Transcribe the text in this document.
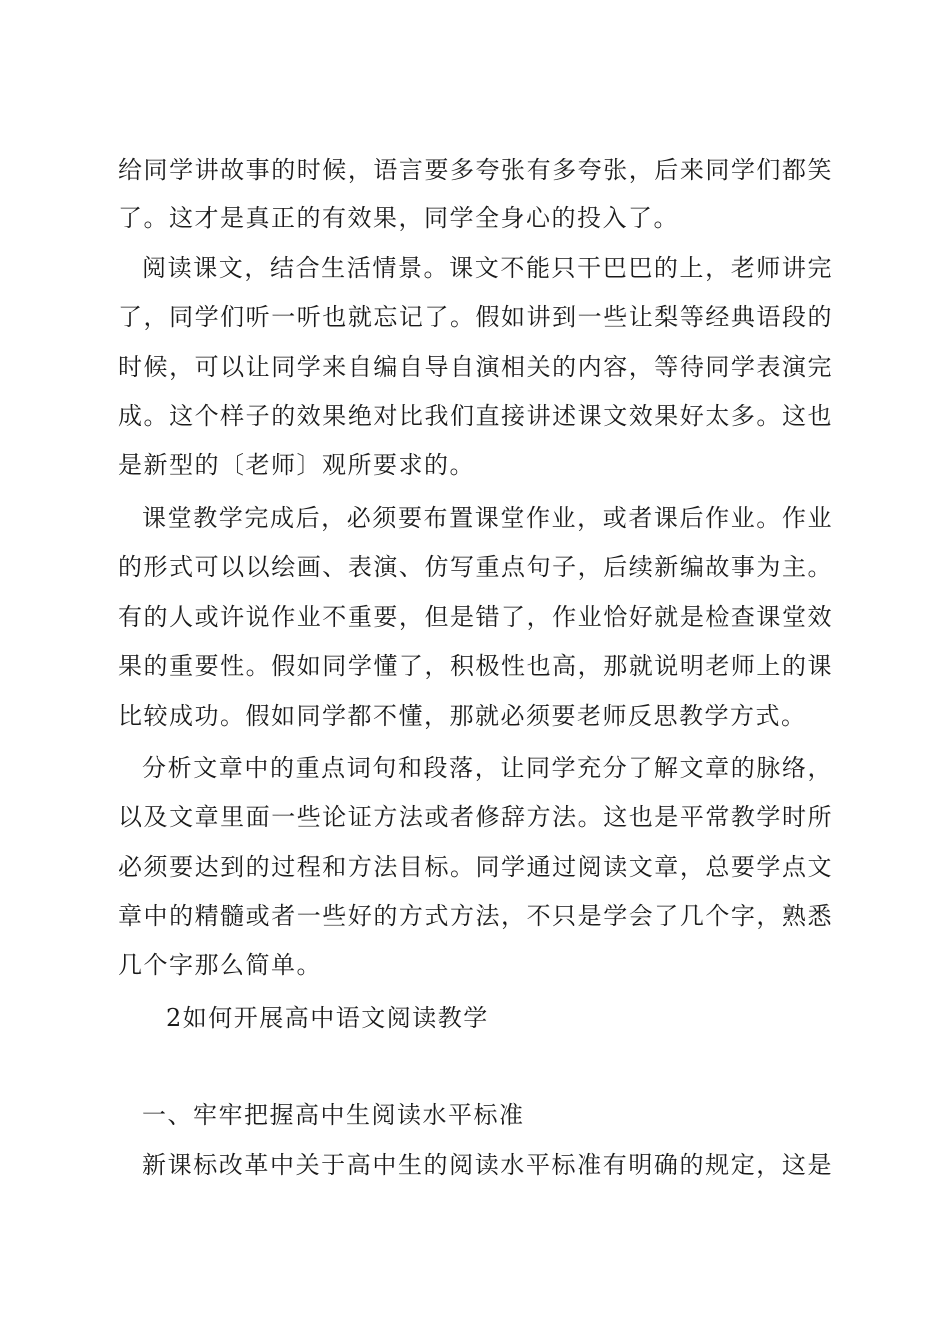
给同学讲故事的时候，语言要多夸张有多夸张，后来同学们都笑
了。这才是真正的有效果，同学全身心的投入了。
阅读课文，结合生活情景。课文不能只干巴巴的上，老师讲完
了，同学们听一听也就忘记了。假如讲到一些让梨等经典语段的
时候，可以让同学来自编自导自演相关的内容，等待同学表演完
成。这个样子的效果绝对比我们直接讲述课文效果好太多。这也
是新型的〔老师〕观所要求的。
课堂教学完成后，必须要布置课堂作业，或者课后作业。作业
的形式可以以绘画、表演、仿写重点句子，后续新编故事为主。
有的人或许说作业不重要，但是错了，作业恰好就是检查课堂效
果的重要性。假如同学懂了，积极性也高，那就说明老师上的课
比较成功。假如同学都不懂，那就必须要老师反思教学方式。
分析文章中的重点词句和段落，让同学充分了解文章的脉络，
以及文章里面一些论证方法或者修辞方法。这也是平常教学时所
必须要达到的过程和方法目标。同学通过阅读文章，总要学点文
章中的精髓或者一些好的方式方法，不只是学会了几个字，熟悉
几个字那么简单。
2如何开展高中语文阅读教学
一、牢牢把握高中生阅读水平标准
新课标改革中关于高中生的阅读水平标准有明确的规定，这是
